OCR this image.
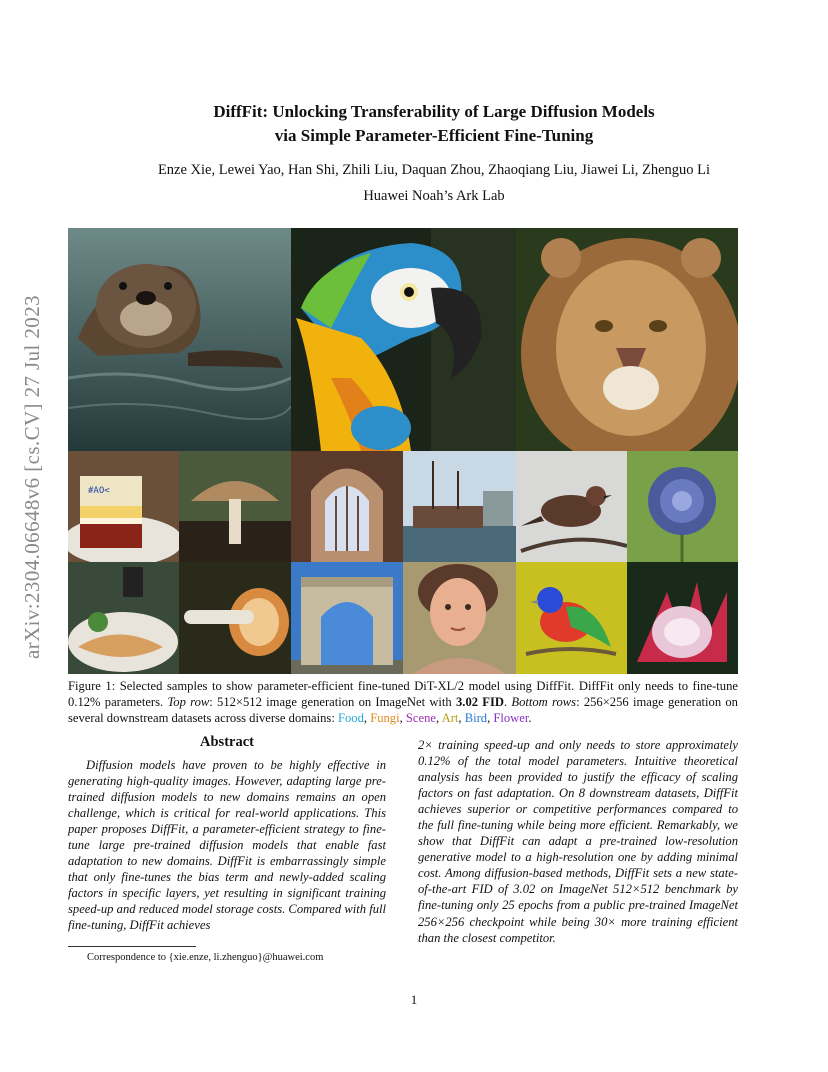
arXiv:2304.06648v6 [cs.CV] 27 Jul 2023
DiffFit: Unlocking Transferability of Large Diffusion Models
via Simple Parameter-Efficient Fine-Tuning
Enze Xie, Lewei Yao, Han Shi, Zhili Liu, Daquan Zhou, Zhaoqiang Liu, Jiawei Li, Zhenguo Li
Huawei Noah’s Ark Lab
#AO<
Figure 1: Selected samples to show parameter-efficient fine-tuned DiT-XL/2 model using DiffFit. DiffFit only needs to fine-tune 0.12% parameters. Top row: 512×512 image generation on ImageNet with 3.02 FID. Bottom rows: 256×256 image generation on several downstream datasets across diverse domains: Food, Fungi, Scene, Art, Bird, Flower.
Abstract
Diffusion models have proven to be highly effective in generating high-quality images. However, adapting large pre-trained diffusion models to new domains remains an open challenge, which is critical for real-world applications. This paper proposes DiffFit, a parameter-efficient strategy to fine-tune large pre-trained diffusion models that enable fast adaptation to new domains. DiffFit is embarrassingly simple that only fine-tunes the bias term and newly-added scaling factors in specific layers, yet resulting in significant training speed-up and reduced model storage costs. Compared with full fine-tuning, DiffFit achieves
2× training speed-up and only needs to store approximately 0.12% of the total model parameters. Intuitive theoretical analysis has been provided to justify the efficacy of scaling factors on fast adaptation. On 8 downstream datasets, DiffFit achieves superior or competitive performances compared to the full fine-tuning while being more efficient. Remarkably, we show that DiffFit can adapt a pre-trained low-resolution generative model to a high-resolution one by adding minimal cost. Among diffusion-based methods, DiffFit sets a new state-of-the-art FID of 3.02 on ImageNet 512×512 benchmark by fine-tuning only 25 epochs from a public pre-trained ImageNet 256×256 checkpoint while being 30× more training efficient than the closest competitor.
Correspondence to {xie.enze, li.zhenguo}@huawei.com
1
